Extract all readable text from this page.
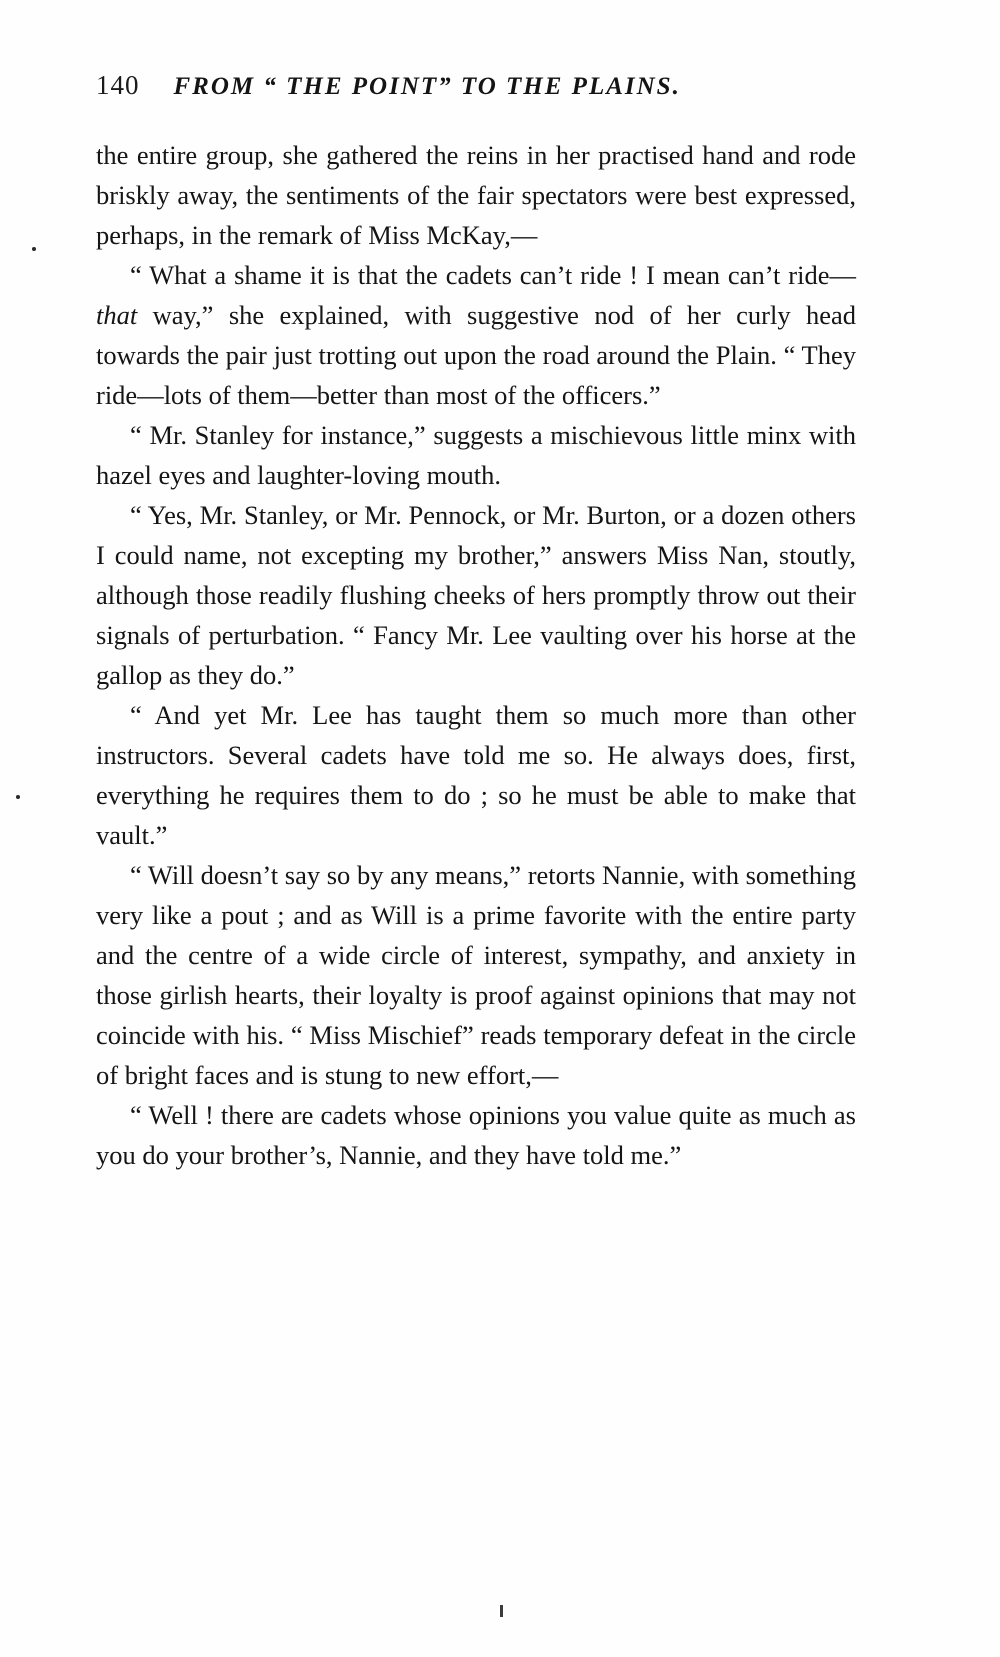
140 FROM “ THE POINT” TO THE PLAINS.

the entire group, she gathered the reins in her practised hand and rode briskly away, the sentiments of the fair spectators were best expressed, perhaps, in the remark of Miss McKay,—

“ What a shame it is that the cadets can’t ride ! I mean can’t ride—that way,” she explained, with suggestive nod of her curly head towards the pair just trotting out upon the road around the Plain. “ They ride—lots of them—better than most of the officers.”

“ Mr. Stanley for instance,” suggests a mischievous little minx with hazel eyes and laughter-loving mouth.

“ Yes, Mr. Stanley, or Mr. Pennock, or Mr. Burton, or a dozen others I could name, not excepting my brother,” answers Miss Nan, stoutly, although those readily flushing cheeks of hers promptly throw out their signals of perturbation. “ Fancy Mr. Lee vaulting over his horse at the gallop as they do.”

“ And yet Mr. Lee has taught them so much more than other instructors. Several cadets have told me so. He always does, first, everything he requires them to do ; so he must be able to make that vault.”

“ Will doesn’t say so by any means,” retorts Nannie, with something very like a pout ; and as Will is a prime favorite with the entire party and the centre of a wide circle of interest, sympathy, and anxiety in those girlish hearts, their loyalty is proof against opinions that may not coincide with his. “ Miss Mischief” reads temporary defeat in the circle of bright faces and is stung to new effort,—

“ Well ! there are cadets whose opinions you value quite as much as you do your brother’s, Nannie, and they have told me.”
